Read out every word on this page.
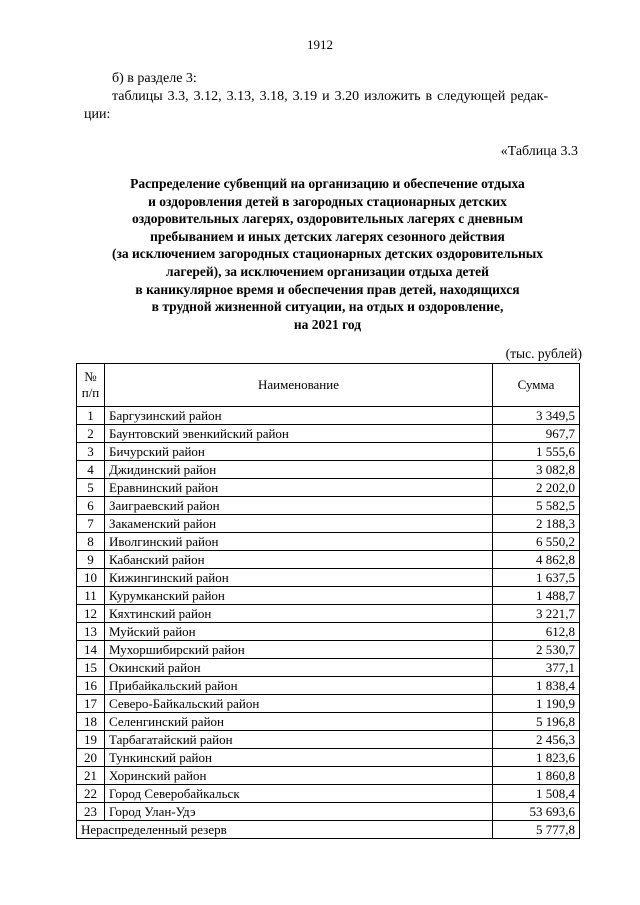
1912
б) в разделе 3:
таблицы 3.3, 3.12, 3.13, 3.18, 3.19 и 3.20 изложить в следующей редак-
ции:
«Таблица 3.3
Распределение субвенций на организацию и обеспечение отдыха
и оздоровления детей в загородных стационарных детских
оздоровительных лагерях, оздоровительных лагерях с дневным
пребыванием и иных детских лагерях сезонного действия
(за исключением загородных стационарных детских оздоровительных
лагерей), за исключением организации отдыха детей
в каникулярное время и обеспечения прав детей, находящихся
в трудной жизненной ситуации, на отдых и оздоровление,
на 2021 год
(тыс. рублей)
№
п/п	Наименование	Сумма
1	Баргузинский район	3 349,5
2	Баунтовский эвенкийский район	967,7
3	Бичурский район	1 555,6
4	Джидинский район	3 082,8
5	Еравнинский район	2 202,0
6	Заиграевский район	5 582,5
7	Закаменский район	2 188,3
8	Иволгинский район	6 550,2
9	Кабанский район	4 862,8
10	Кижингинский район	1 637,5
11	Курумканский район	1 488,7
12	Кяхтинский район	3 221,7
13	Муйский район	612,8
14	Мухоршибирский район	2 530,7
15	Окинский район	377,1
16	Прибайкальский район	1 838,4
17	Северо-Байкальский район	1 190,9
18	Селенгинский район	5 196,8
19	Тарбагатайский район	2 456,3
20	Тункинский район	1 823,6
21	Хоринский район	1 860,8
22	Город Северобайкальск	1 508,4
23	Город Улан-Удэ	53 693,6
Нераспределенный резерв		5 777,8
